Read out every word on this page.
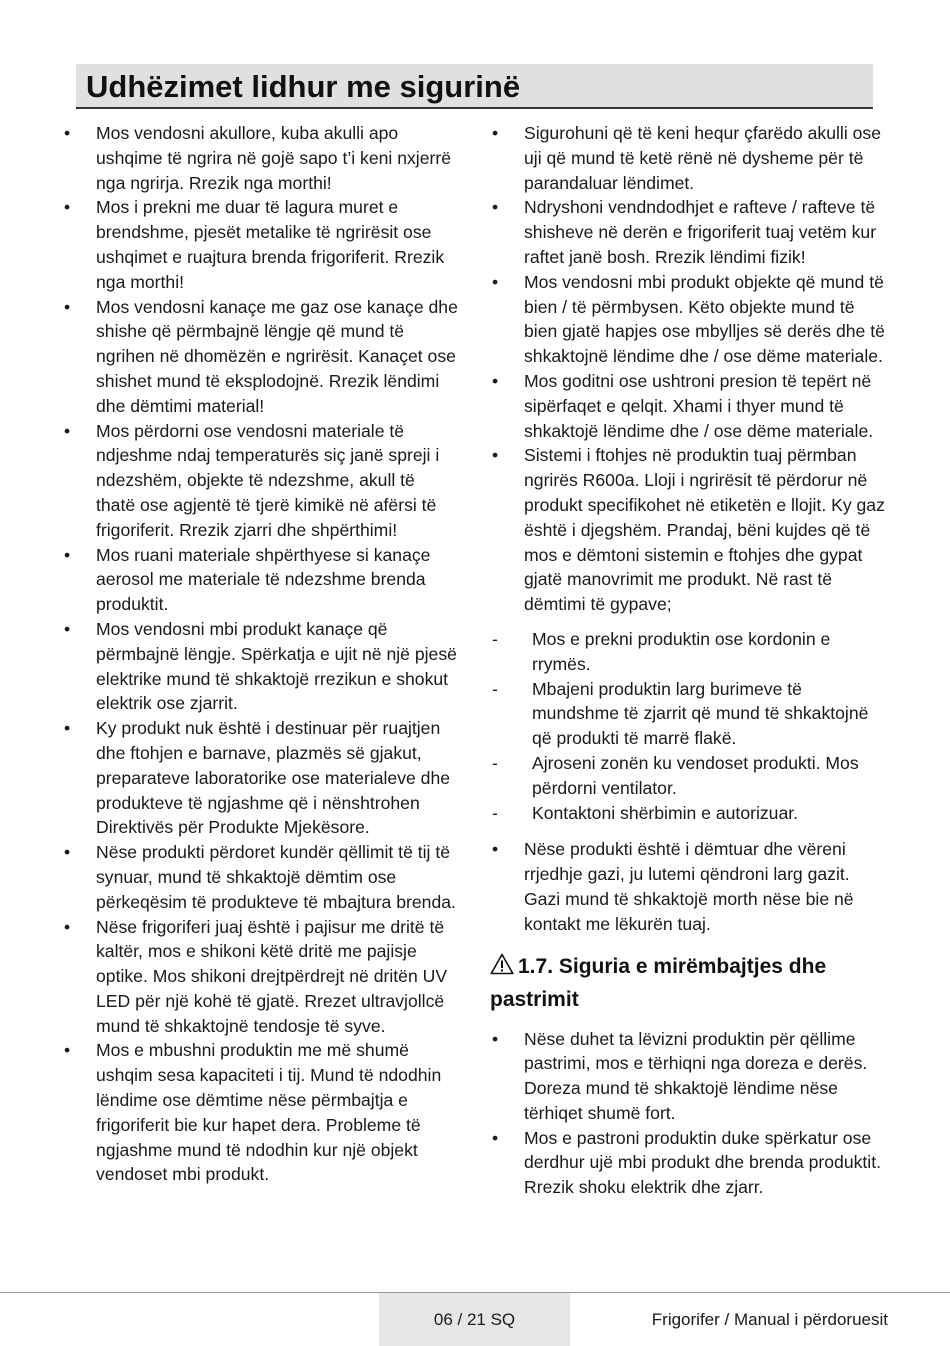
Udhëzimet lidhur me sigurinë
• Mos vendosni akullore, kuba akulli apo ushqime të ngrira në gojë sapo t’i keni nxjerrë nga ngrirja. Rrezik nga morthi!
• Mos i prekni me duar të lagura muret e brendshme, pjesët metalike të ngrirësit ose ushqimet e ruajtura brenda frigoriferit. Rrezik nga morthi!
• Mos vendosni kanaçe me gaz ose kanaçe dhe shishe që përmbajnë lëngje që mund të ngrihen në dhomëzën e ngrirësit. Kanaçet ose shishet mund të eksplodojnë. Rrezik lëndimi dhe dëmtimi material!
• Mos përdorni ose vendosni materiale të ndjeshme ndaj temperaturës siç janë spreji i ndezshëm, objekte të ndezshme, akull të thatë ose agjentë të tjerë kimikë në afërsi të frigoriferit. Rrezik zjarri dhe shpërthimi!
• Mos ruani materiale shpërthyese si kanaçe aerosol me materiale të ndezshme brenda produktit.
• Mos vendosni mbi produkt kanaçe që përmbajnë lëngje. Spërkatja e ujit në një pjesë elektrike mund të shkaktojë rrezikun e shokut elektrik ose zjarrit.
• Ky produkt nuk është i destinuar për ruajtjen dhe ftohjen e barnave, plazmës së gjakut, preparateve laboratorike ose materialeve dhe produkteve të ngjashme që i nënshtrohen Direktivës për Produkte Mjekësore.
• Nëse produkti përdoret kundër qëllimit të tij të synuar, mund të shkaktojë dëmtim ose përkeqësim të produkteve të mbajtura brenda.
• Nëse frigoriferi juaj është i pajisur me dritë të kaltër, mos e shikoni këtë dritë me pajisje optike. Mos shikoni drejtpërdrejt në dritën UV LED për një kohë të gjatë. Rrezet ultravjollcë mund të shkaktojnë tendosje të syve.
• Mos e mbushni produktin me më shumë ushqim sesa kapaciteti i tij. Mund të ndodhin lëndime ose dëmtime nëse përmbajtja e frigoriferit bie kur hapet dera. Probleme të ngjashme mund të ndodhin kur një objekt vendoset mbi produkt.
• Sigurohuni që të keni hequr çfarëdo akulli ose uji që mund të ketë rënë në dysheme për të parandaluar lëndimet.
• Ndryshoni vendndodhjet e rafteve / rafteve të shisheve në derën e frigoriferit tuaj vetëm kur raftet janë bosh. Rrezik lëndimi fizik!
• Mos vendosni mbi produkt objekte që mund të bien / të përmbysen. Këto objekte mund të bien gjatë hapjes ose mbylljes së derës dhe të shkaktojnë lëndime dhe / ose dëme materiale.
• Mos goditni ose ushtroni presion të tepërt në sipërfaqet e qelqit. Xhami i thyer mund të shkaktojë lëndime dhe / ose dëme materiale.
• Sistemi i ftohjes në produktin tuaj përmban ngrirës R600a. Lloji i ngrirësit të përdorur në produkt specifikohet në etiketën e llojit. Ky gaz është i djegshëm. Prandaj, bëni kujdes që të mos e dëmtoni sistemin e ftohjes dhe gypat gjatë manovrimit me produkt. Në rast të dëmtimi të gypave;
- Mos e prekni produktin ose kordonin e rrymës.
- Mbajeni produktin larg burimeve të mundshme të zjarrit që mund të shkaktojnë që produkti të marrë flakë.
- Ajroseni zonën ku vendoset produkti. Mos përdorni ventilator.
- Kontaktoni shërbimin e autorizuar.
• Nëse produkti është i dëmtuar dhe vëreni rrjedhje gazi, ju lutemi qëndroni larg gazit. Gazi mund të shkaktojë morth nëse bie në kontakt me lëkurën tuaj.
1.7. Siguria e mirëmbajtjes dhe pastrimit
• Nëse duhet ta lëvizni produktin për qëllime pastrimi, mos e tërhiqni nga doreza e derës. Doreza mund të shkaktojë lëndime nëse tërhiqet shumë fort.
• Mos e pastroni produktin duke spërkatur ose derdhur ujë mbi produkt dhe brenda produktit. Rrezik shoku elektrik dhe zjarr.
06 / 21 SQ	Frigorifer / Manual i përdoruesit
